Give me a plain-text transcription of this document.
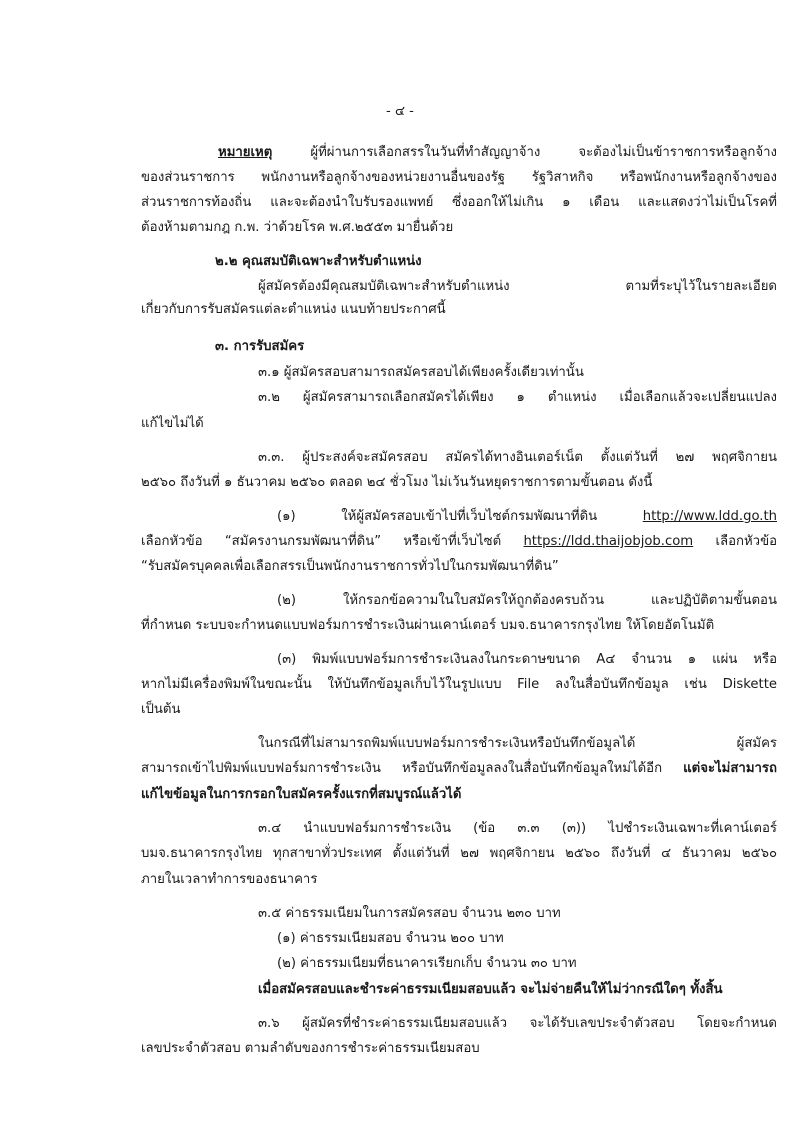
- ๔ -
หมายเหตุ ผู้ที่ผ่านการเลือกสรรในวันที่ทำสัญญาจ้าง จะต้องไม่เป็นข้าราชการหรือลูกจ้าง
ของส่วนราชการ พนักงานหรือลูกจ้างของหน่วยงานอื่นของรัฐ รัฐวิสาหกิจ หรือพนักงานหรือลูกจ้างของ
ส่วนราชการท้องถิ่น และจะต้องนำใบรับรองแพทย์ ซึ่งออกให้ไม่เกิน ๑ เดือน และแสดงว่าไม่เป็นโรคที่
ต้องห้ามตามกฎ ก.พ. ว่าด้วยโรค พ.ศ.๒๕๕๓ มายื่นด้วย
๒.๒ คุณสมบัติเฉพาะสำหรับตำแหน่ง
ผู้สมัครต้องมีคุณสมบัติเฉพาะสำหรับตำแหน่ง ตามที่ระบุไว้ในรายละเอียด
เกี่ยวกับการรับสมัครแต่ละตำแหน่ง แนบท้ายประกาศนี้
๓. การรับสมัคร
๓.๑ ผู้สมัครสอบสามารถสมัครสอบได้เพียงครั้งเดียวเท่านั้น
๓.๒ ผู้สมัครสามารถเลือกสมัครได้เพียง ๑ ตำแหน่ง เมื่อเลือกแล้วจะเปลี่ยนแปลง
แก้ไขไม่ได้
๓.๓. ผู้ประสงค์จะสมัครสอบ สมัครได้ทางอินเตอร์เน็ต ตั้งแต่วันที่ ๒๗ พฤศจิกายน
๒๕๖๐ ถึงวันที่ ๑ ธันวาคม ๒๕๖๐ ตลอด ๒๔ ชั่วโมง ไม่เว้นวันหยุดราชการตามขั้นตอน ดังนี้
(๑) ให้ผู้สมัครสอบเข้าไปที่เว็บไซต์กรมพัฒนาที่ดิน http://www.ldd.go.th
เลือกหัวข้อ “สมัครงานกรมพัฒนาที่ดิน” หรือเข้าที่เว็บไซต์ https://ldd.thaijobjob.com เลือกหัวข้อ
“รับสมัครบุคคลเพื่อเลือกสรรเป็นพนักงานราชการทั่วไปในกรมพัฒนาที่ดิน”
(๒) ให้กรอกข้อความในใบสมัครให้ถูกต้องครบถ้วน และปฏิบัติตามขั้นตอน
ที่กำหนด ระบบจะกำหนดแบบฟอร์มการชำระเงินผ่านเคาน์เตอร์ บมจ.ธนาคารกรุงไทย ให้โดยอัตโนมัติ
(๓) พิมพ์แบบฟอร์มการชำระเงินลงในกระดาษขนาด A๔ จำนวน ๑ แผ่น หรือ
หากไม่มีเครื่องพิมพ์ในขณะนั้น ให้บันทึกข้อมูลเก็บไว้ในรูปแบบ File ลงในสื่อบันทึกข้อมูล เช่น Diskette
เป็นต้น
ในกรณีที่ไม่สามารถพิมพ์แบบฟอร์มการชำระเงินหรือบันทึกข้อมูลได้ ผู้สมัคร
สามารถเข้าไปพิมพ์แบบฟอร์มการชำระเงิน หรือบันทึกข้อมูลลงในสื่อบันทึกข้อมูลใหม่ได้อีก แต่จะไม่สามารถ
แก้ไขข้อมูลในการกรอกใบสมัครครั้งแรกที่สมบูรณ์แล้วได้
๓.๔ นำแบบฟอร์มการชำระเงิน (ข้อ ๓.๓ (๓)) ไปชำระเงินเฉพาะที่เคาน์เตอร์
บมจ.ธนาคารกรุงไทย ทุกสาขาทั่วประเทศ ตั้งแต่วันที่ ๒๗ พฤศจิกายน ๒๕๖๐ ถึงวันที่ ๔ ธันวาคม ๒๕๖๐
ภายในเวลาทำการของธนาคาร
๓.๕ ค่าธรรมเนียมในการสมัครสอบ จำนวน ๒๓๐ บาท
(๑) ค่าธรรมเนียมสอบ จำนวน ๒๐๐ บาท
(๒) ค่าธรรมเนียมที่ธนาคารเรียกเก็บ จำนวน ๓๐ บาท
เมื่อสมัครสอบและชำระค่าธรรมเนียมสอบแล้ว จะไม่จ่ายคืนให้ไม่ว่ากรณีใดๆ ทั้งสิ้น
๓.๖ ผู้สมัครที่ชำระค่าธรรมเนียมสอบแล้ว จะได้รับเลขประจำตัวสอบ โดยจะกำหนด
เลขประจำตัวสอบ ตามลำดับของการชำระค่าธรรมเนียมสอบ
